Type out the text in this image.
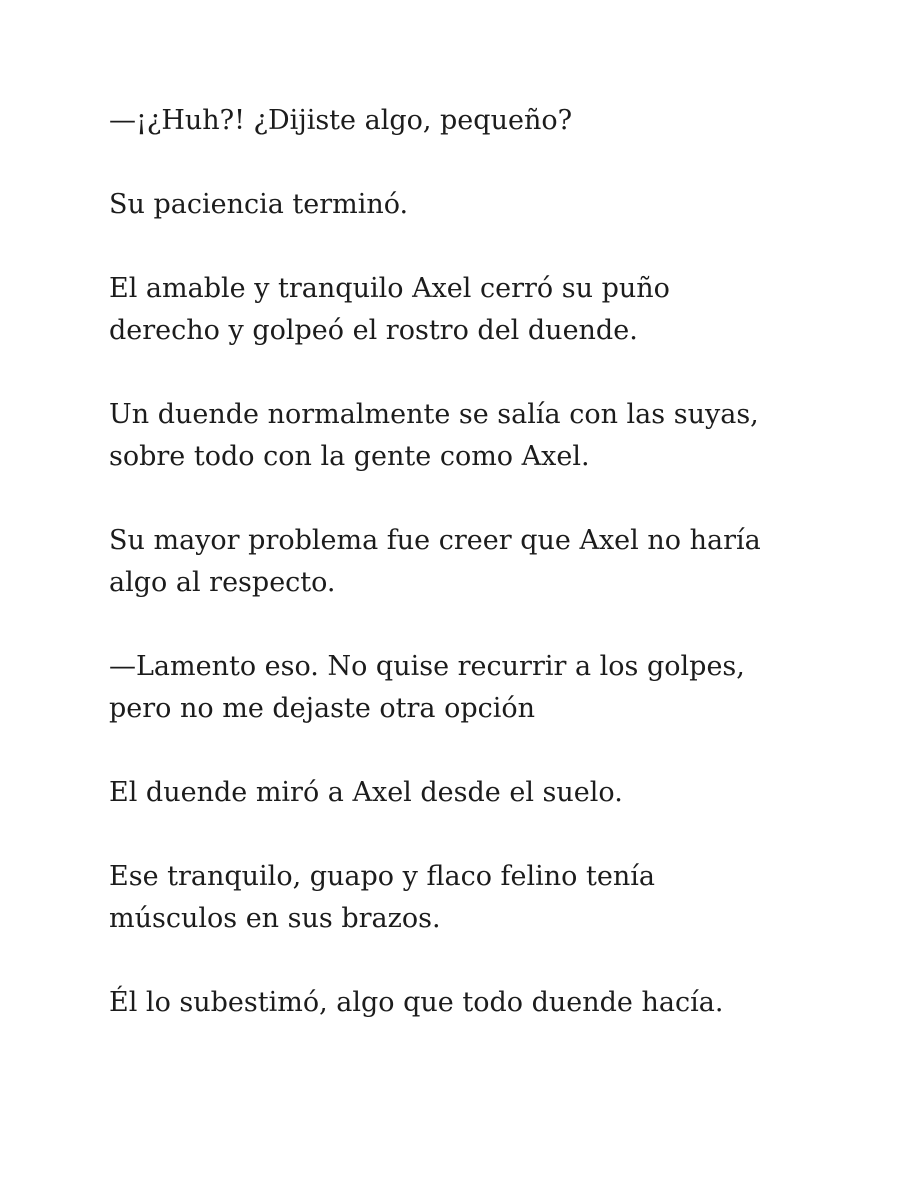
—¡¿Huh?! ¿Dijiste algo, pequeño?

Su paciencia terminó.

El amable y tranquilo Axel cerró su puño
derecho y golpeó el rostro del duende.

Un duende normalmente se salía con las suyas,
sobre todo con la gente como Axel.

Su mayor problema fue creer que Axel no haría
algo al respecto.

—Lamento eso. No quise recurrir a los golpes,
pero no me dejaste otra opción

El duende miró a Axel desde el suelo.

Ese tranquilo, guapo y flaco felino tenía
músculos en sus brazos.

Él lo subestimó, algo que todo duende hacía.
